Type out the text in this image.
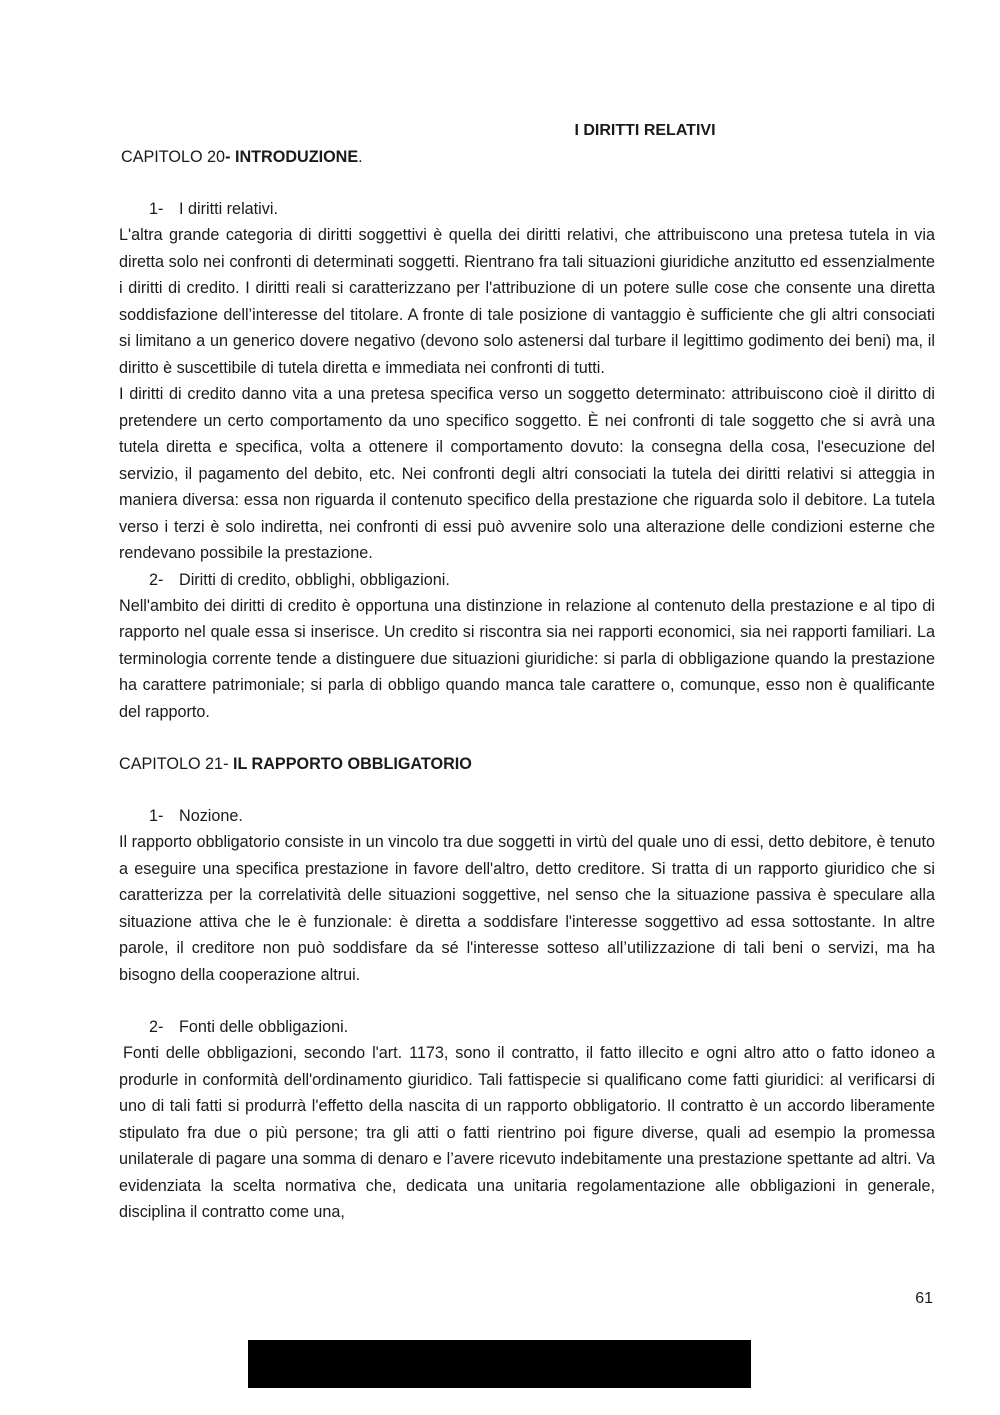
I DIRITTI RELATIVI
CAPITOLO 20- INTRODUZIONE.
1- I diritti relativi.

L'altra grande categoria di diritti soggettivi è quella dei diritti relativi, che attribuiscono una pretesa tutela in via diretta solo nei confronti di determinati soggetti. Rientrano fra tali situazioni giuridiche anzitutto ed essenzialmente i diritti di credito. I diritti reali si caratterizzano per l'attribuzione di un potere sulle cose che consente una diretta soddisfazione dell’interesse del titolare. A fronte di tale posizione di vantaggio è sufficiente che gli altri consociati si limitano a un generico dovere negativo (devono solo astenersi dal turbare il legittimo godimento dei beni) ma, il diritto è suscettibile di tutela diretta e immediata nei confronti di tutti.

I diritti di credito danno vita a una pretesa specifica verso un soggetto determinato: attribuiscono cioè il diritto di pretendere un certo comportamento da uno specifico soggetto. È nei confronti di tale soggetto che si avrà una tutela diretta e specifica, volta a ottenere il comportamento dovuto: la consegna della cosa, l'esecuzione del servizio, il pagamento del debito, etc. Nei confronti degli altri consociati la tutela dei diritti relativi si atteggia in maniera diversa: essa non riguarda il contenuto specifico della prestazione che riguarda solo il debitore. La tutela verso i terzi è solo indiretta, nei confronti di essi può avvenire solo una alterazione delle condizioni esterne che rendevano possibile la prestazione.

2- Diritti di credito, obblighi, obbligazioni.

Nell'ambito dei diritti di credito è opportuna una distinzione in relazione al contenuto della prestazione e al tipo di rapporto nel quale essa si inserisce. Un credito si riscontra sia nei rapporti economici, sia nei rapporti familiari. La terminologia corrente tende a distinguere due situazioni giuridiche: si parla di obbligazione quando la prestazione ha carattere patrimoniale; si parla di obbligo quando manca tale carattere o, comunque, esso non è qualificante del rapporto.

CAPITOLO 21- IL RAPPORTO OBBLIGATORIO
1- Nozione.

Il rapporto obbligatorio consiste in un vincolo tra due soggetti in virtù del quale uno di essi, detto debitore, è tenuto a eseguire una specifica prestazione in favore dell'altro, detto creditore. Si tratta di un rapporto giuridico che si caratterizza per la correlatività delle situazioni soggettive, nel senso che la situazione passiva è speculare alla situazione attiva che le è funzionale: è diretta a soddisfare l'interesse soggettivo ad essa sottostante. In altre parole, il creditore non può soddisfare da sé l'interesse sotteso all’utilizzazione di tali beni o servizi, ma ha bisogno della cooperazione altrui.

2- Fonti delle obbligazioni.

Fonti delle obbligazioni, secondo l'art. 1173, sono il contratto, il fatto illecito e ogni altro atto o fatto idoneo a produrle in conformità dell'ordinamento giuridico. Tali fattispecie si qualificano come fatti giuridici: al verificarsi di uno di tali fatti si produrrà l'effetto della nascita di un rapporto obbligatorio. Il contratto è un accordo liberamente stipulato fra due o più persone; tra gli atti o fatti rientrino poi figure diverse, quali ad esempio la promessa unilaterale di pagare una somma di denaro e l’avere ricevuto indebitamente una prestazione spettante ad altri. Va evidenziata la scelta normativa che, dedicata una unitaria regolamentazione alle obbligazioni in generale, disciplina il contratto come una,

61
